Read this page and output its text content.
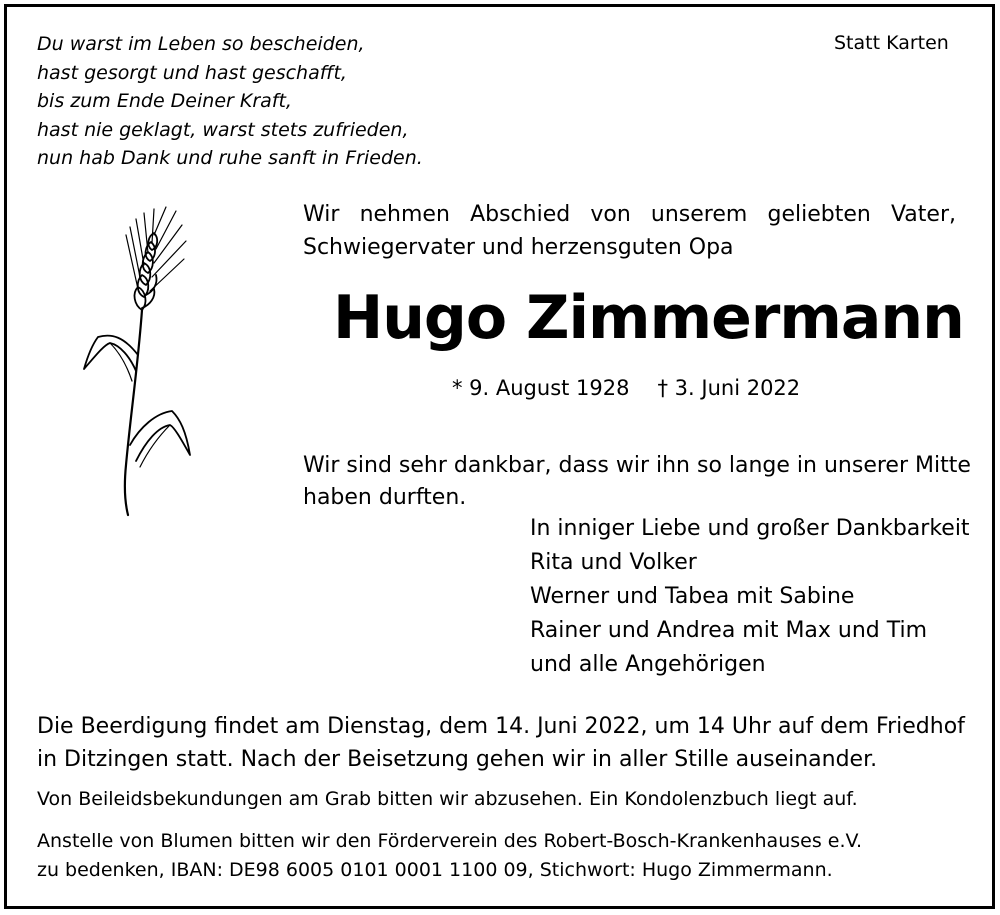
Du warst im Leben so bescheiden,
hast gesorgt und hast geschafft,
bis zum Ende Deiner Kraft,
hast nie geklagt, warst stets zufrieden,
nun hab Dank und ruhe sanft in Frieden.
Statt Karten
Wir nehmen Abschied von unserem geliebten Vater,
Schwiegervater und herzensguten Opa
Hugo Zimmermann
* 9. August 1928 † 3. Juni 2022
Wir sind sehr dankbar, dass wir ihn so lange in unserer Mitte
haben durften.
In inniger Liebe und großer Dankbarkeit
Rita und Volker
Werner und Tabea mit Sabine
Rainer und Andrea mit Max und Tim
und alle Angehörigen
Die Beerdigung findet am Dienstag, dem 14. Juni 2022, um 14 Uhr auf dem Friedhof
in Ditzingen statt. Nach der Beisetzung gehen wir in aller Stille auseinander.
Von Beileidsbekundungen am Grab bitten wir abzusehen. Ein Kondolenzbuch liegt auf.
Anstelle von Blumen bitten wir den Förderverein des Robert-Bosch-Krankenhauses e.V.
zu bedenken, IBAN: DE98 6005 0101 0001 1100 09, Stichwort: Hugo Zimmermann.
